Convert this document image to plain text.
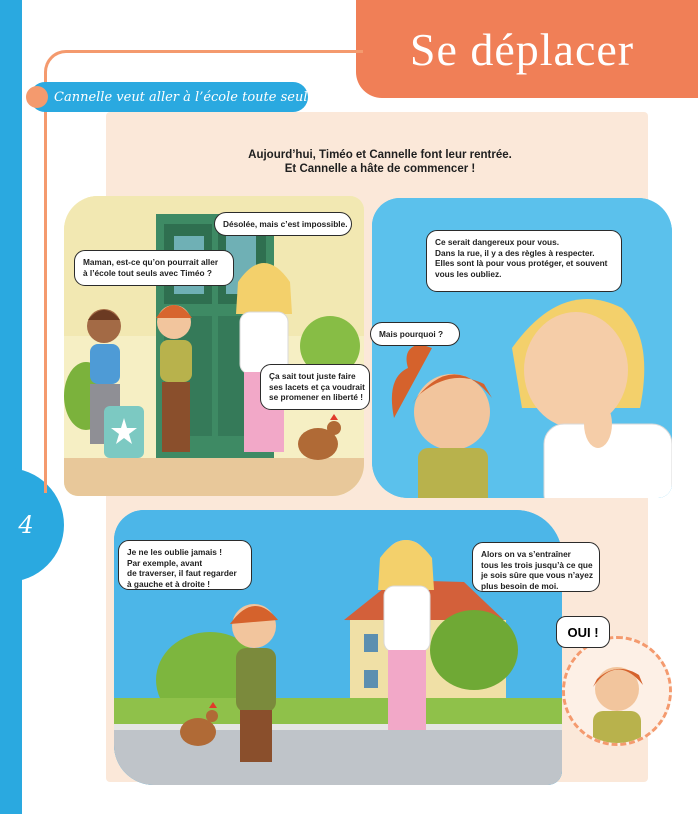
4
Se déplacer
Cannelle veut aller à l’école toute seule
Aujourd’hui, Timéo et Cannelle font leur rentrée.
Et Cannelle a hâte de commencer !
Désolée, mais c’est impossible.
Maman, est-ce qu’on pourrait aller
à l’école tout seuls avec Timéo ?
Ça sait tout juste faire
ses lacets et ça voudrait
se promener en liberté !
Ce serait dangereux pour vous.
Dans la rue, il y a des règles à respecter.
Elles sont là pour vous protéger, et souvent
vous les oubliez.
Mais pourquoi ?
Je ne les oublie jamais !
Par exemple, avant
de traverser, il faut regarder
à gauche et à droite !
Alors on va s’entraîner
tous les trois jusqu’à ce que
je sois sûre que vous n’ayez
plus besoin de moi.
OUI !
